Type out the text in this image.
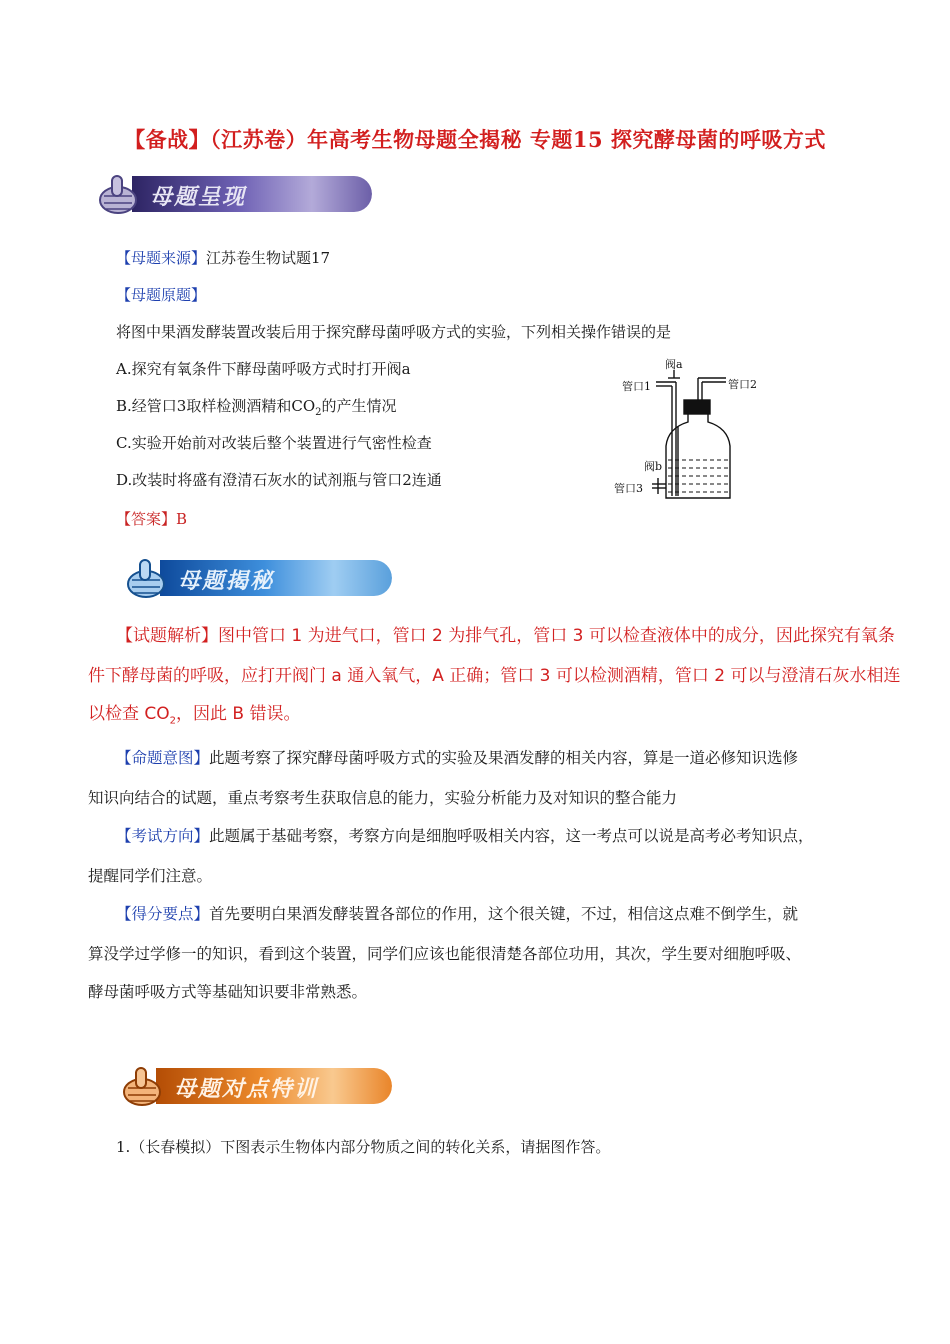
【备战】（江苏卷）年高考生物母题全揭秘 专题15 探究酵母菌的呼吸方式
母题呈现
【母题来源】江苏卷生物试题17
【母题原题】
将图中果酒发酵装置改装后用于探究酵母菌呼吸方式的实验，下列相关操作错误的是
A.探究有氧条件下酵母菌呼吸方式时打开阀a
B.经管口3取样检测酒精和$CO_2$的产生情况
C.实验开始前对改装后整个装置进行气密性检查
D.改装时将盛有澄清石灰水的试剂瓶与管口2连通
阀a
管口1	管口2
阀b
管口3
【答案】B
母题揭秘
【试题解析】图中管口 1 为进气口，管口 2 为排气孔，管口 3 可以检查液体中的成分，因此探究有氧条
件下酵母菌的呼吸，应打开阀门 a 通入氧气，A 正确；管口 3 可以检测酒精，管口 2 可以与澄清石灰水相连
以检查 $CO_2$，因此 B 错误。
【命题意图】此题考察了探究酵母菌呼吸方式的实验及果酒发酵的相关内容，算是一道必修知识选修
知识向结合的试题，重点考察考生获取信息的能力，实验分析能力及对知识的整合能力
【考试方向】此题属于基础考察，考察方向是细胞呼吸相关内容，这一考点可以说是高考必考知识点，
提醒同学们注意。
【得分要点】首先要明白果酒发酵装置各部位的作用，这个很关键，不过，相信这点难不倒学生，就
算没学过学修一的知识，看到这个装置，同学们应该也能很清楚各部位功用，其次，学生要对细胞呼吸、
酵母菌呼吸方式等基础知识要非常熟悉。
母题对点特训
1.（长春模拟）下图表示生物体内部分物质之间的转化关系，请据图作答。
